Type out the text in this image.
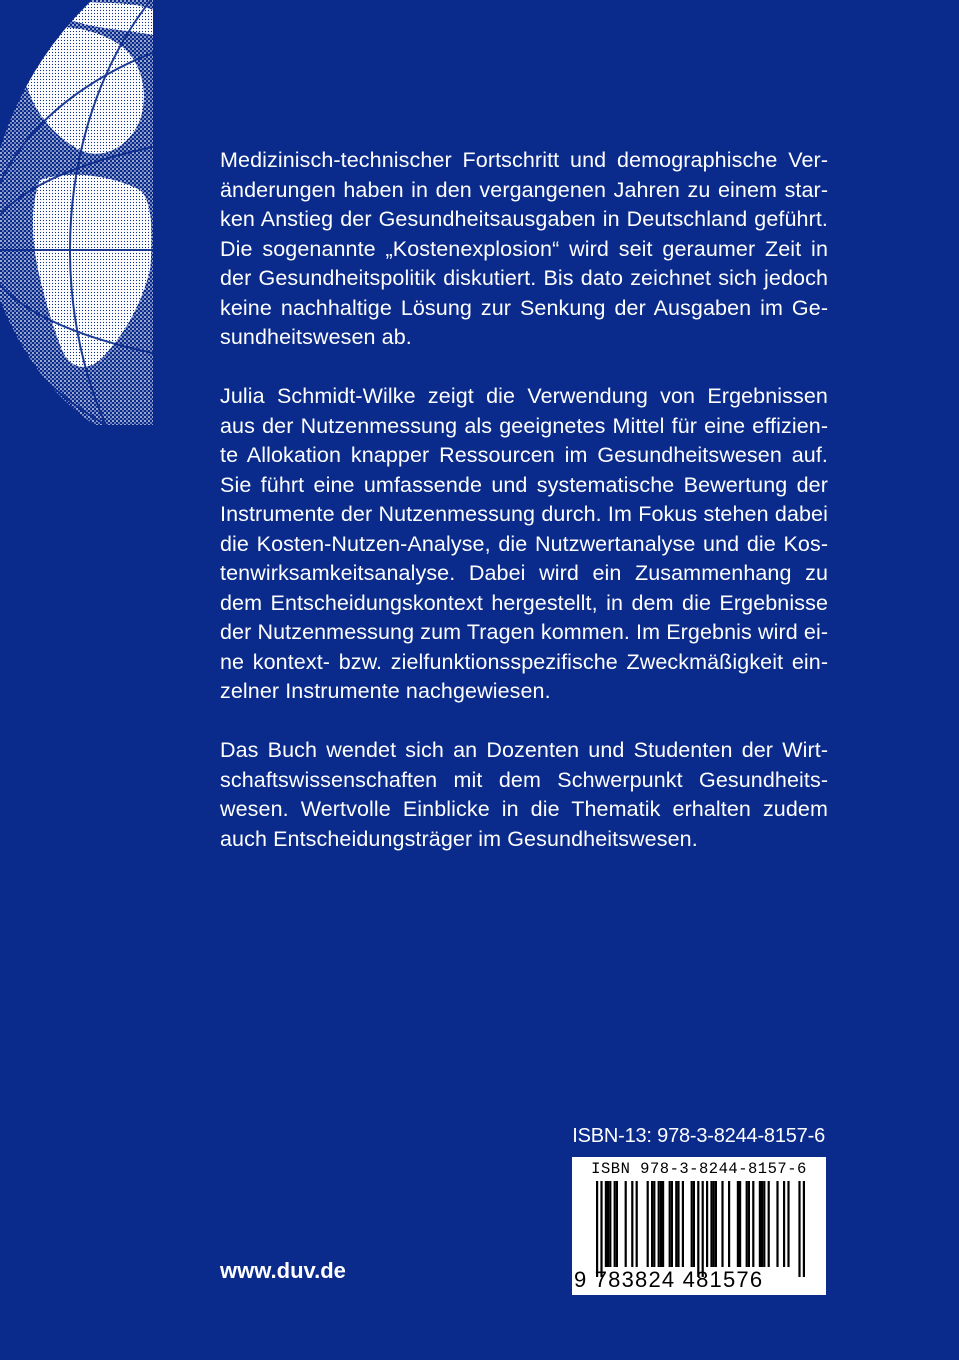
Medizinisch-technischer Fortschritt und demographische Veränderungen haben in den vergangenen Jahren zu einem starken Anstieg der Gesundheitsausgaben in Deutschland geführt. Die sogenannte „Kostenexplosion“ wird seit geraumer Zeit in der Gesundheitspolitik diskutiert. Bis dato zeichnet sich jedoch keine nachhaltige Lösung zur Senkung der Ausgaben im Gesundheitswesen ab.

Julia Schmidt-Wilke zeigt die Verwendung von Ergebnissen aus der Nutzenmessung als geeignetes Mittel für eine effiziente Allokation knapper Ressourcen im Gesundheitswesen auf. Sie führt eine umfassende und systematische Bewertung der Instrumente der Nutzenmessung durch. Im Fokus stehen dabei die Kosten-Nutzen-Analyse, die Nutzwertanalyse und die Kostenwirksamkeitsanalyse. Dabei wird ein Zusammenhang zu dem Entscheidungskontext hergestellt, in dem die Ergebnisse der Nutzenmessung zum Tragen kommen. Im Ergebnis wird eine kontext- bzw. zielfunktionsspezifische Zweckmäßigkeit einzelner Instrumente nachgewiesen.

Das Buch wendet sich an Dozenten und Studenten der Wirtschaftswissenschaften mit dem Schwerpunkt Gesundheitswesen. Wertvolle Einblicke in die Thematik erhalten zudem auch Entscheidungsträger im Gesundheitswesen.

ISBN-13: 978-3-8244-8157-6
ISBN 978-3-8244-8157-6
9 783824 481576
www.duv.de
